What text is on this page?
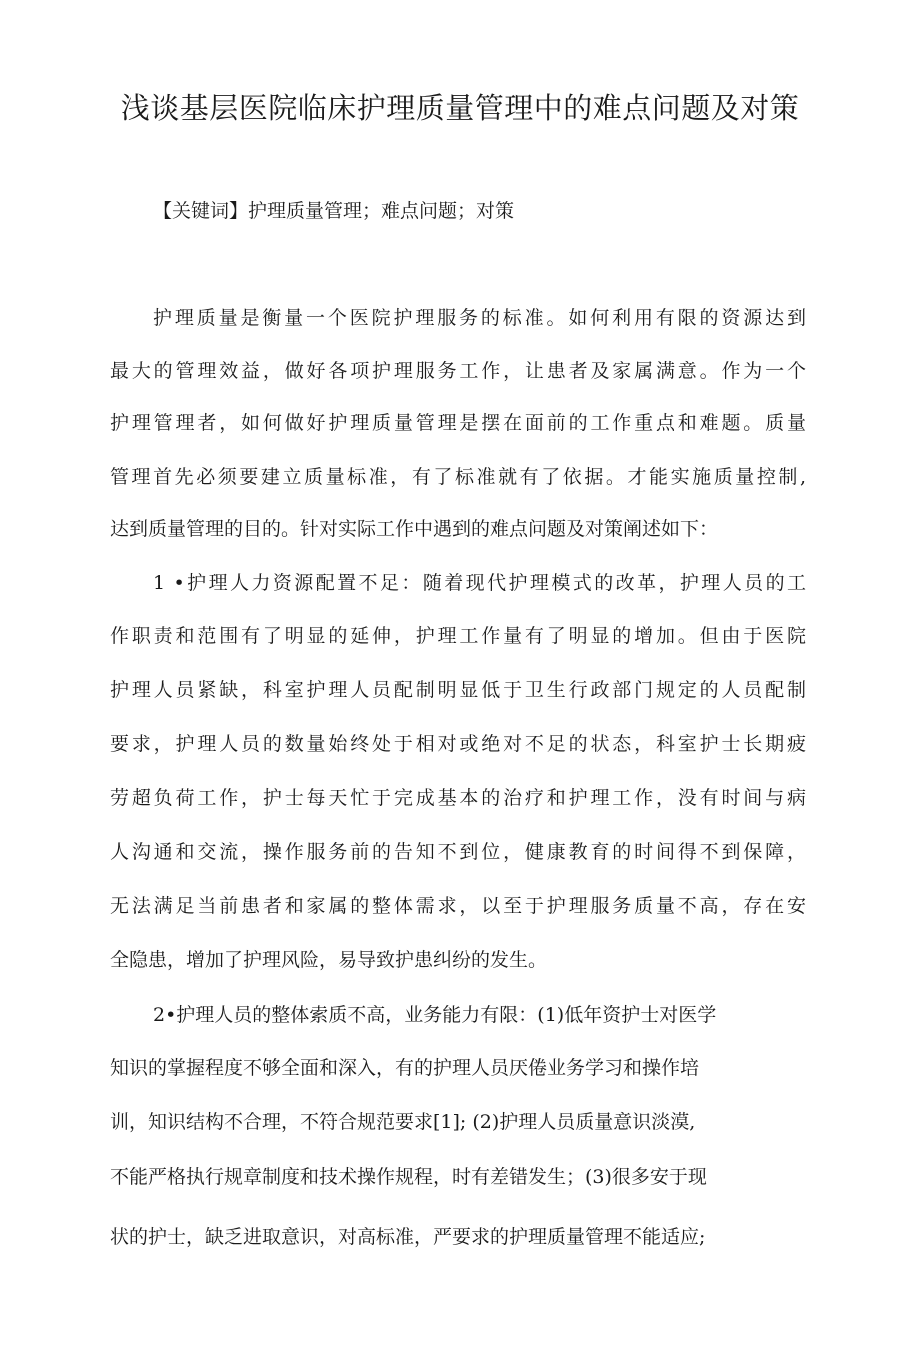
浅谈基层医院临床护理质量管理中的难点问题及对策

【关键词】护理质量管理；难点问题；对策

护理质量是衡量一个医院护理服务的标准。如何利用有限的资源达到

最大的管理效益，做好各项护理服务工作，让患者及家属满意。作为一个

护理管理者，如何做好护理质量管理是摆在面前的工作重点和难题。质量

管理首先必须要建立质量标准，有了标准就有了依据。才能实施质量控制,

达到质量管理的目的。针对实际工作中遇到的难点问题及对策阐述如下：

1 •护理人力资源配置不足：随着现代护理模式的改革，护理人员的工

作职责和范围有了明显的延伸，护理工作量有了明显的增加。但由于医院

护理人员紧缺，科室护理人员配制明显低于卫生行政部门规定的人员配制

要求，护理人员的数量始终处于相对或绝对不足的状态，科室护士长期疲

劳超负荷工作，护士每天忙于完成基本的治疗和护理工作，没有时间与病

人沟通和交流，操作服务前的告知不到位，健康教育的时间得不到保障，

无法满足当前患者和家属的整体需求，以至于护理服务质量不高，存在安

全隐患，增加了护理风险，易导致护患纠纷的发生。

2•护理人员的整体索质不高，业务能力有限：(1)低年资护士对医学

知识的掌握程度不够全面和深入，有的护理人员厌倦业务学习和操作培

训，知识结构不合理，不符合规范要求[1]; (2)护理人员质量意识淡漠,

不能严格执行规章制度和技术操作规程，时有差错发生；(3)很多安于现

状的护士，缺乏进取意识，对高标准，严要求的护理质量管理不能适应;
